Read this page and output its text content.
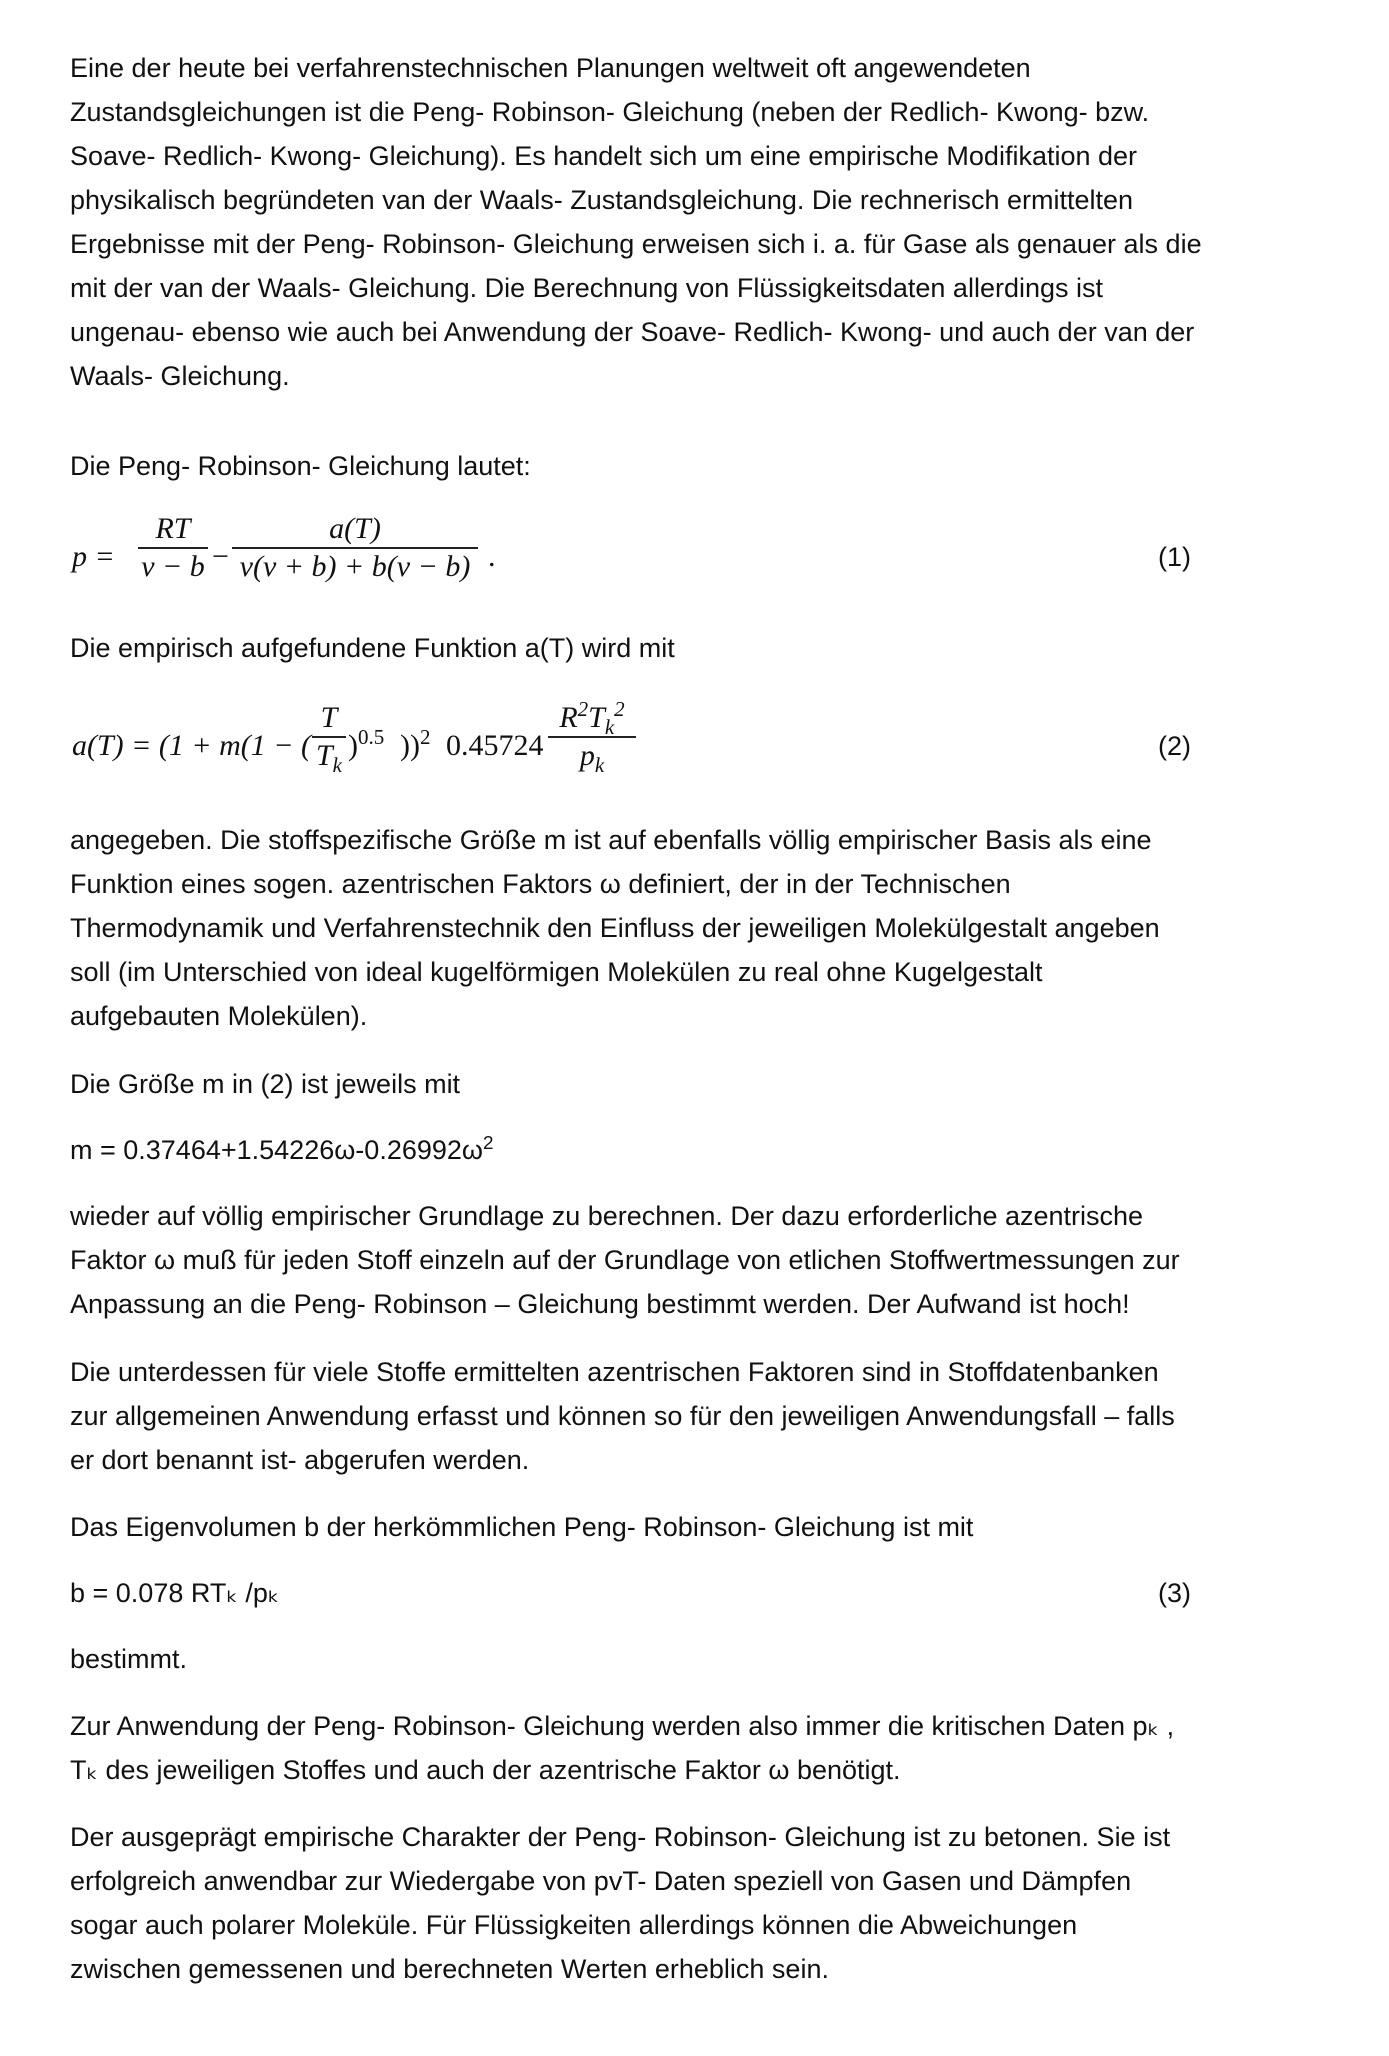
Eine der heute bei verfahrenstechnischen Planungen weltweit oft angewendeten
Zustandsgleichungen ist die Peng- Robinson- Gleichung (neben der Redlich- Kwong- bzw.
Soave- Redlich- Kwong- Gleichung). Es handelt sich um eine empirische Modifikation der
physikalisch begründeten van der Waals- Zustandsgleichung. Die rechnerisch ermittelten
Ergebnisse mit der Peng- Robinson- Gleichung erweisen sich i. a. für Gase als genauer als die
mit der van der Waals- Gleichung. Die Berechnung von Flüssigkeitsdaten allerdings ist
ungenau- ebenso wie auch bei Anwendung der Soave- Redlich- Kwong- und auch der van der
Waals- Gleichung.
Die Peng- Robinson- Gleichung lautet:
p =
RT
v − b −
a(T)
v(v + b) + b(v − b) .	(1)
Die empirisch aufgefundene Funktion a(T) wird mit
a(T) = (1 + m(1 − (
T
$T_k$
)$^{0.5}$ ))$^2$ 0.45724
$R^2T_k^2$
$p_k$
(2)
angegeben. Die stoffspezifische Größe m ist auf ebenfalls völlig empirischer Basis als eine
Funktion eines sogen. azentrischen Faktors ω definiert, der in der Technischen
Thermodynamik und Verfahrenstechnik den Einfluss der jeweiligen Molekülgestalt angeben
soll (im Unterschied von ideal kugelförmigen Molekülen zu real ohne Kugelgestalt
aufgebauten Molekülen).
Die Größe m in (2) ist jeweils mit
$m = 0.37464+1.54226\omega-0.26992\omega^2$
wieder auf völlig empirischer Grundlage zu berechnen. Der dazu erforderliche azentrische
Faktor ω muß für jeden Stoff einzeln auf der Grundlage von etlichen Stoffwertmessungen zur
Anpassung an die Peng- Robinson – Gleichung bestimmt werden. Der Aufwand ist hoch!
Die unterdessen für viele Stoffe ermittelten azentrischen Faktoren sind in Stoffdatenbanken
zur allgemeinen Anwendung erfasst und können so für den jeweiligen Anwendungsfall – falls
er dort benannt ist- abgerufen werden.
Das Eigenvolumen b der herkömmlichen Peng- Robinson- Gleichung ist mit
b = 0.078 RTₖ /pₖ	(3)
bestimmt.
Zur Anwendung der Peng- Robinson- Gleichung werden also immer die kritischen Daten pₖ ,
Tₖ des jeweiligen Stoffes und auch der azentrische Faktor ω benötigt.
Der ausgeprägt empirische Charakter der Peng- Robinson- Gleichung ist zu betonen. Sie ist
erfolgreich anwendbar zur Wiedergabe von pvT- Daten speziell von Gasen und Dämpfen
sogar auch polarer Moleküle. Für Flüssigkeiten allerdings können die Abweichungen
zwischen gemessenen und berechneten Werten erheblich sein.
